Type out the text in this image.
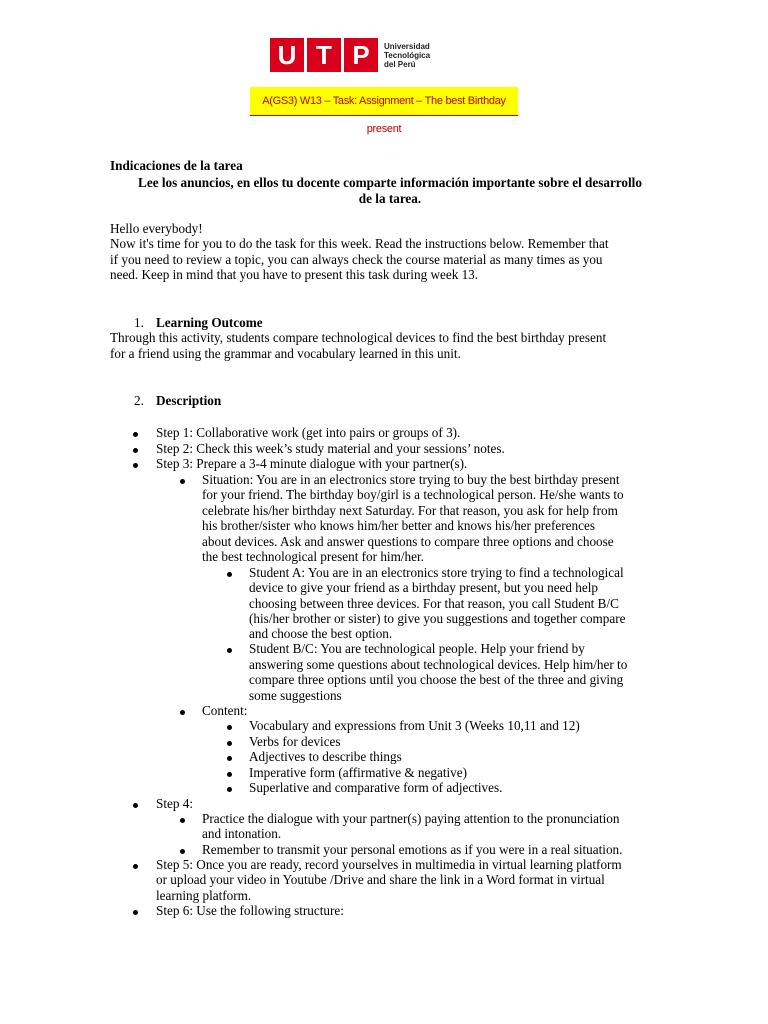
U T P	Universidad
Tecnológica
del Perú
A(GS3) W13 – Task: Assignment – The best Birthday present
Indicaciones de la tarea
Lee los anuncios, en ellos tu docente comparte información importante sobre el desarrollo
de la tarea.
Hello everybody!
Now it's time for you to do the task for this week. Read the instructions below. Remember that
if you need to review a topic, you can always check the course material as many times as you
need. Keep in mind that you have to present this task during week 13.
1. Learning Outcome
Through this activity, students compare technological devices to find the best birthday present
for a friend using the grammar and vocabulary learned in this unit.
2. Description
Step 1: Collaborative work (get into pairs or groups of 3).
Step 2: Check this week’s study material and your sessions’ notes.
Step 3: Prepare a 3-4 minute dialogue with your partner(s).
Situation: You are in an electronics store trying to buy the best birthday present
for your friend. The birthday boy/girl is a technological person. He/she wants to
celebrate his/her birthday next Saturday. For that reason, you ask for help from
his brother/sister who knows him/her better and knows his/her preferences
about devices. Ask and answer questions to compare three options and choose
the best technological present for him/her.
Student A: You are in an electronics store trying to find a technological
device to give your friend as a birthday present, but you need help
choosing between three devices. For that reason, you call Student B/C
(his/her brother or sister) to give you suggestions and together compare
and choose the best option.
Student B/C: You are technological people. Help your friend by
answering some questions about technological devices. Help him/her to
compare three options until you choose the best of the three and giving
some suggestions
Content:
Vocabulary and expressions from Unit 3 (Weeks 10,11 and 12)
Verbs for devices
Adjectives to describe things
Imperative form (affirmative & negative)
Superlative and comparative form of adjectives.
Step 4:
Practice the dialogue with your partner(s) paying attention to the pronunciation
and intonation.
Remember to transmit your personal emotions as if you were in a real situation.
Step 5: Once you are ready, record yourselves in multimedia in virtual learning platform
or upload your video in Youtube /Drive and share the link in a Word format in virtual
learning platform.
Step 6: Use the following structure:
